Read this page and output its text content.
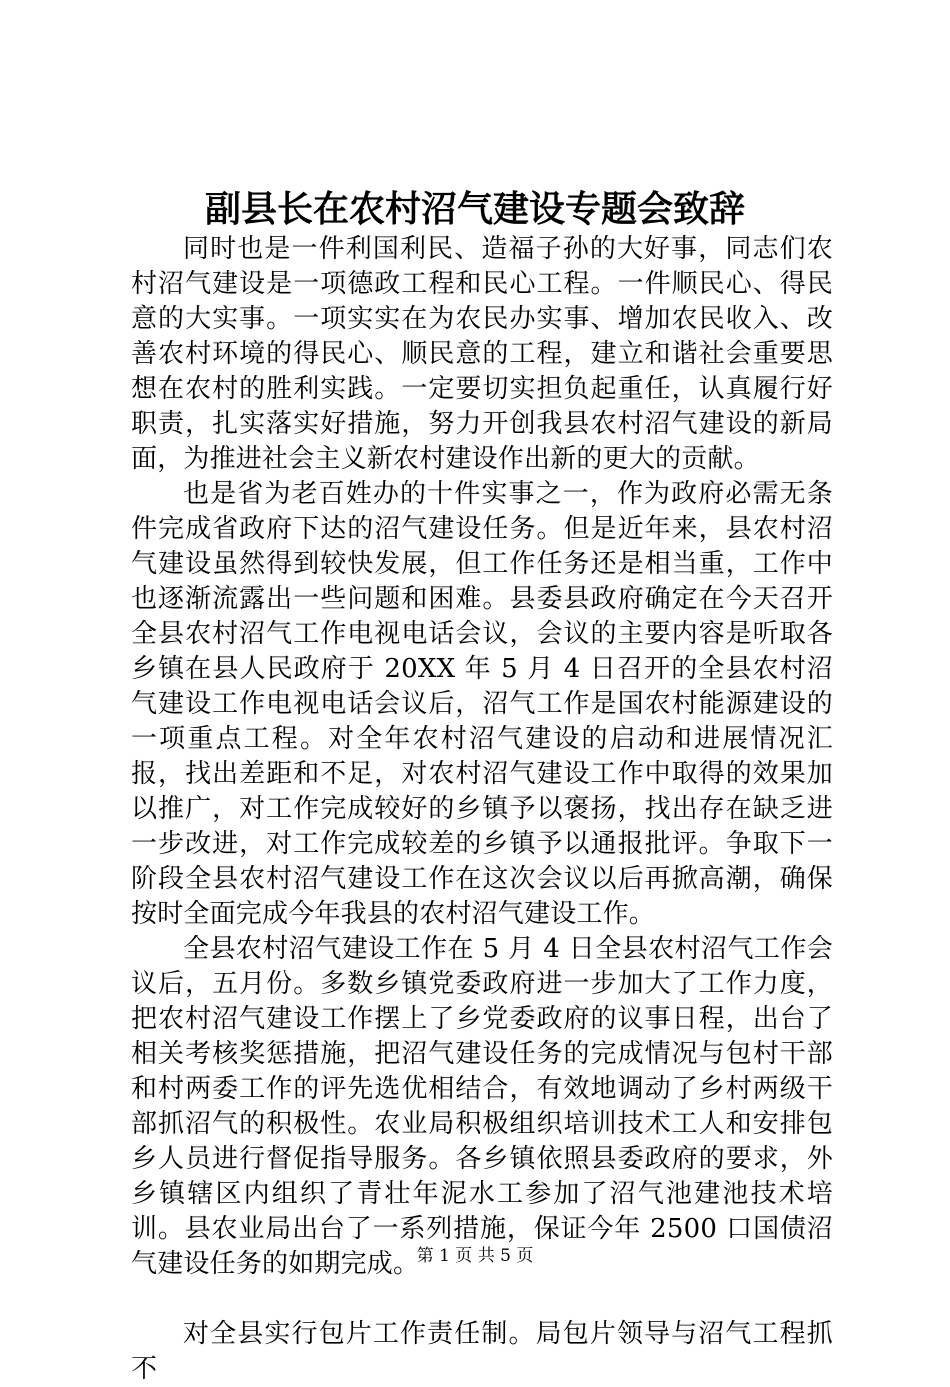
副县长在农村沼气建设专题会致辞

同时也是一件利国利民、造福子孙的大好事，同志们农村沼气建设是一项德政工程和民心工程。一件顺民心、得民意的大实事。一项实实在为农民办实事、增加农民收入、改善农村环境的得民心、顺民意的工程，建立和谐社会重要思想在农村的胜利实践。一定要切实担负起重任，认真履行好职责，扎实落实好措施，努力开创我县农村沼气建设的新局面，为推进社会主义新农村建设作出新的更大的贡献。

也是省为老百姓办的十件实事之一，作为政府必需无条件完成省政府下达的沼气建设任务。但是近年来，县农村沼气建设虽然得到较快发展，但工作任务还是相当重，工作中也逐渐流露出一些问题和困难。县委县政府确定在今天召开全县农村沼气工作电视电话会议，会议的主要内容是听取各乡镇在县人民政府于 20XX 年 5 月 4 日召开的全县农村沼气建设工作电视电话会议后，沼气工作是国农村能源建设的一项重点工程。对全年农村沼气建设的启动和进展情况汇报，找出差距和不足，对农村沼气建设工作中取得的效果加以推广，对工作完成较好的乡镇予以褒扬，找出存在缺乏进一步改进，对工作完成较差的乡镇予以通报批评。争取下一阶段全县农村沼气建设工作在这次会议以后再掀高潮，确保按时全面完成今年我县的农村沼气建设工作。

全县农村沼气建设工作在 5 月 4 日全县农村沼气工作会议后，五月份。多数乡镇党委政府进一步加大了工作力度，把农村沼气建设工作摆上了乡党委政府的议事日程，出台了相关考核奖惩措施，把沼气建设任务的完成情况与包村干部和村两委工作的评先选优相结合，有效地调动了乡村两级干部抓沼气的积极性。农业局积极组织培训技术工人和安排包乡人员进行督促指导服务。各乡镇依照县委政府的要求，外乡镇辖区内组织了青壮年泥水工参加了沼气池建池技术培训。县农业局出台了一系列措施，保证今年 2500 口国债沼气建设任务的如期完成。

对全县实行包片工作责任制。局包片领导与沼气工程抓不

第 1 页 共 5 页
